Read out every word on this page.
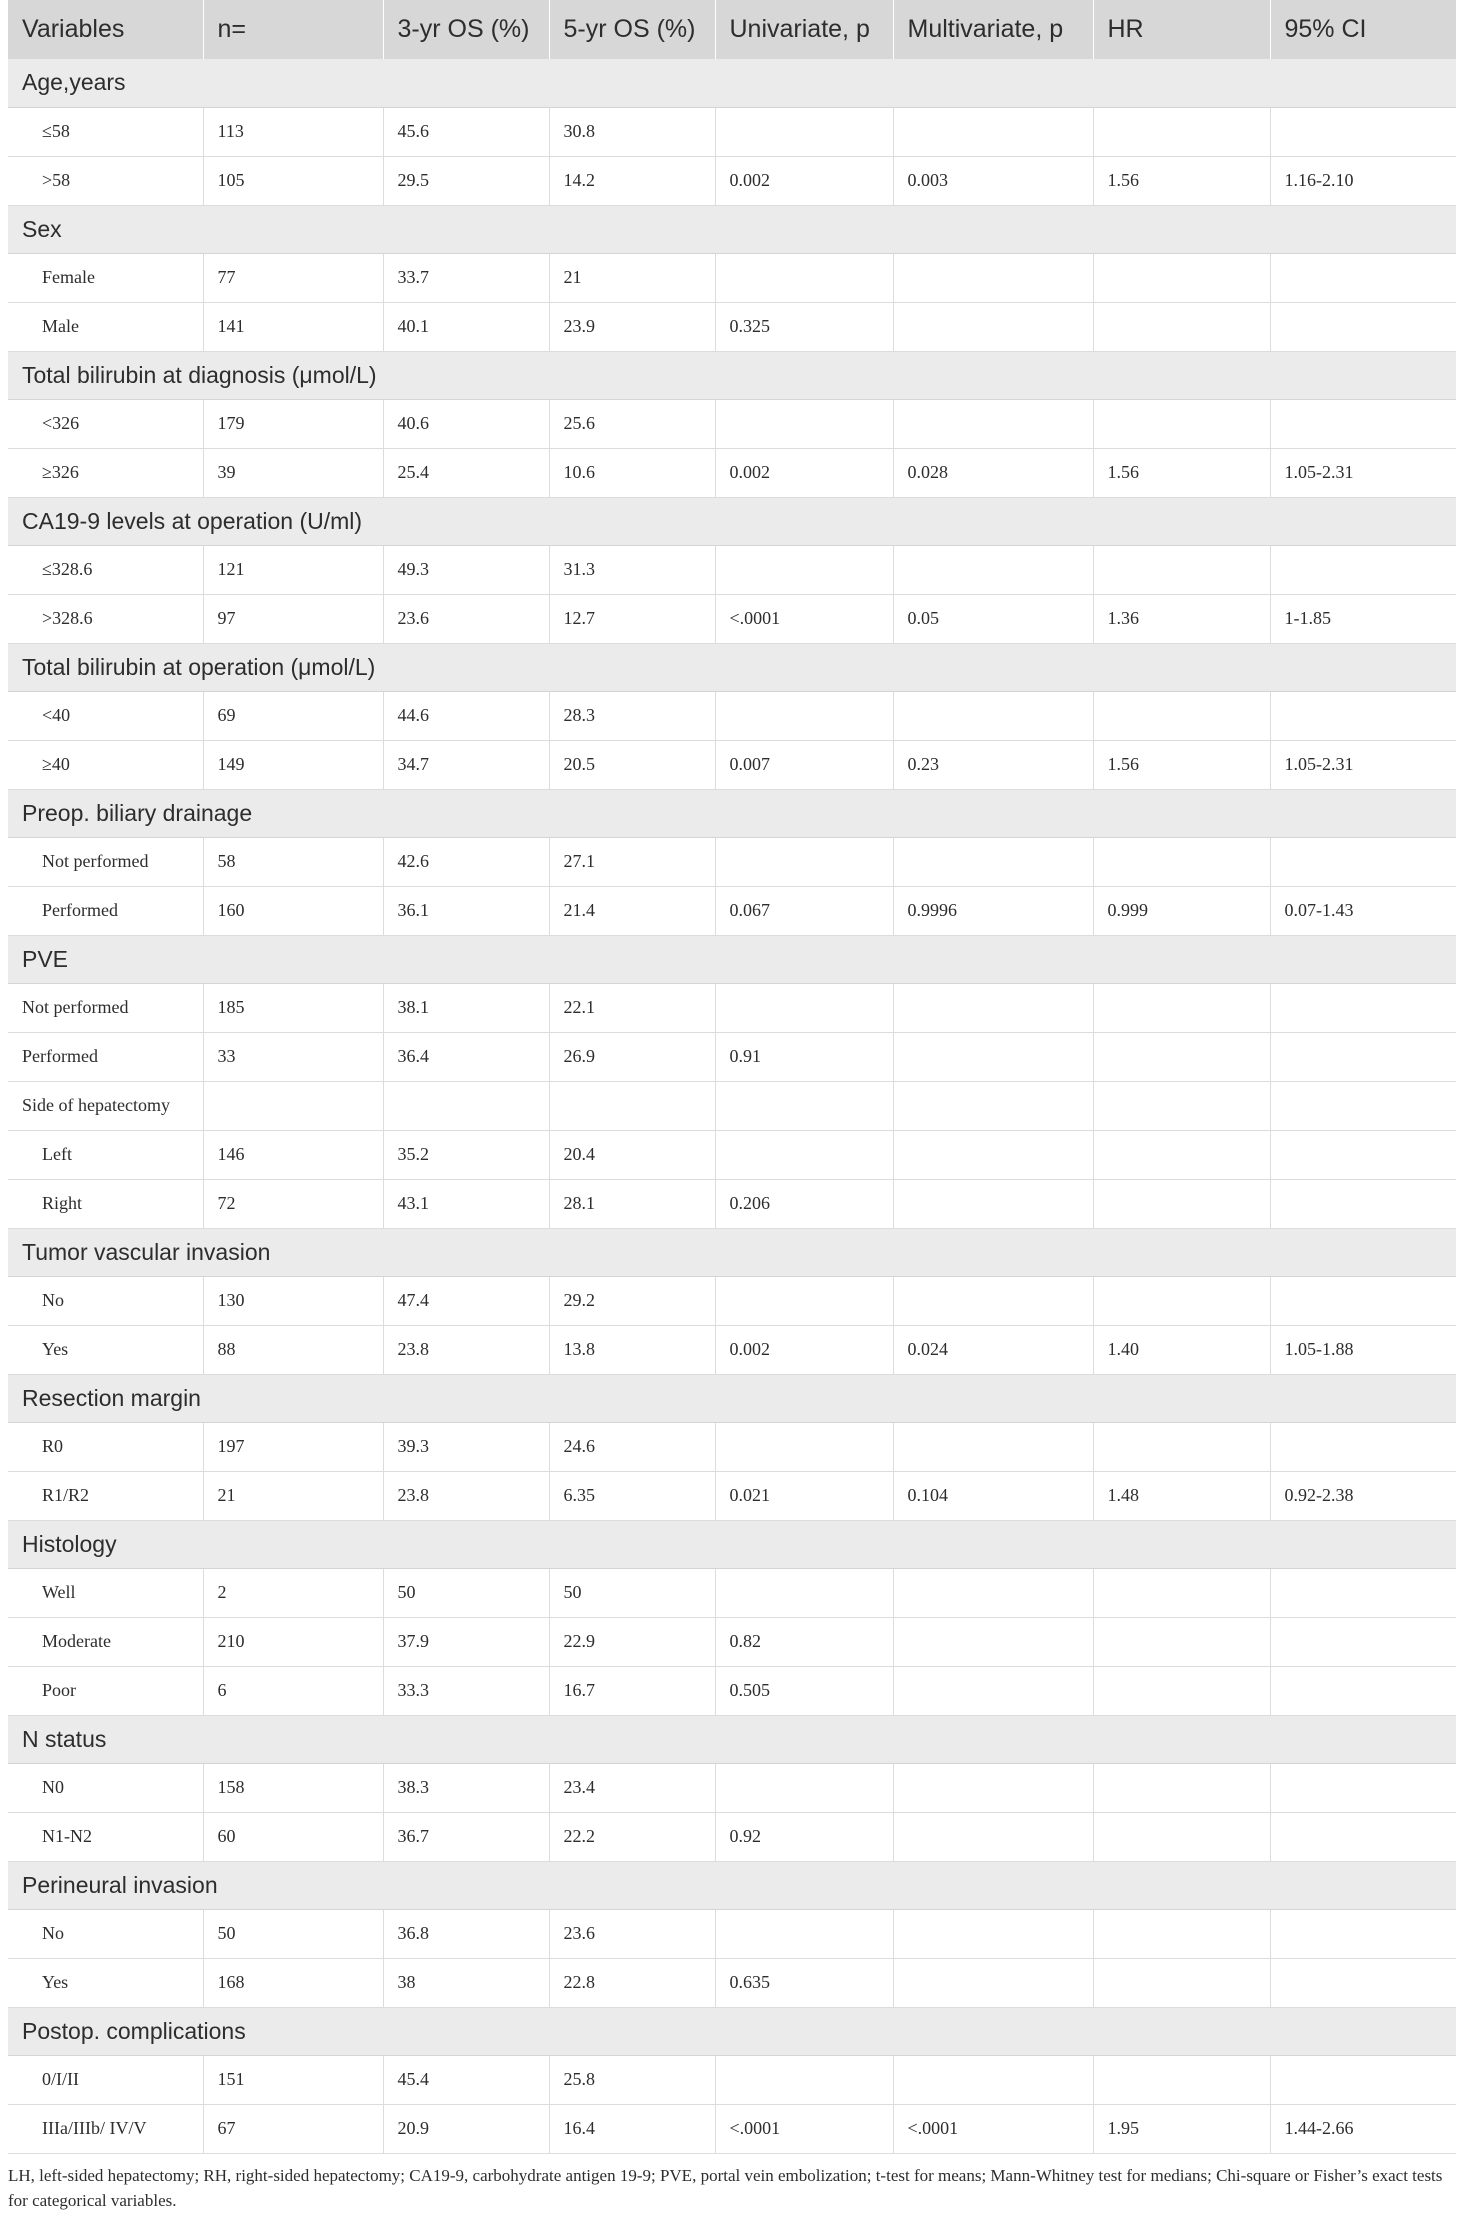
Variables	n=	3-yr OS (%)	5-yr OS (%)	Univariate, p	Multivariate, p	HR	95% CI
Age,years							
≤58	113	45.6	30.8				
>58	105	29.5	14.2	0.002	0.003	1.56	1.16-2.10
Sex							
Female	77	33.7	21				
Male	141	40.1	23.9	0.325			
Total bilirubin at diagnosis (μmol/L)							
<326	179	40.6	25.6				
≥326	39	25.4	10.6	0.002	0.028	1.56	1.05-2.31
CA19-9 levels at operation (U/ml)							
≤328.6	121	49.3	31.3				
>328.6	97	23.6	12.7	<.0001	0.05	1.36	1-1.85
Total bilirubin at operation (μmol/L)							
<40	69	44.6	28.3				
≥40	149	34.7	20.5	0.007	0.23	1.56	1.05-2.31
Preop. biliary drainage							
Not performed	58	42.6	27.1				
Performed	160	36.1	21.4	0.067	0.9996	0.999	0.07-1.43
PVE							
Not performed	185	38.1	22.1				
Performed	33	36.4	26.9	0.91			
Side of hepatectomy							
Left	146	35.2	20.4				
Right	72	43.1	28.1	0.206			
Tumor vascular invasion							
No	130	47.4	29.2				
Yes	88	23.8	13.8	0.002	0.024	1.40	1.05-1.88
Resection margin							
R0	197	39.3	24.6				
R1/R2	21	23.8	6.35	0.021	0.104	1.48	0.92-2.38
Histology							
Well	2	50	50				
Moderate	210	37.9	22.9	0.82			
Poor	6	33.3	16.7	0.505			
N status							
N0	158	38.3	23.4				
N1-N2	60	36.7	22.2	0.92			
Perineural invasion							
No	50	36.8	23.6				
Yes	168	38	22.8	0.635			
Postop. complications							
0/I/II	151	45.4	25.8				
IIIa/IIIb/ IV/V	67	20.9	16.4	<.0001	<.0001	1.95	1.44-2.66
LH, left-sided hepatectomy; RH, right-sided hepatectomy; CA19-9, carbohydrate antigen 19-9; PVE, portal vein embolization; t-test for means; Mann-Whitney test for medians; Chi-square or Fisher’s exact tests for categorical variables.
